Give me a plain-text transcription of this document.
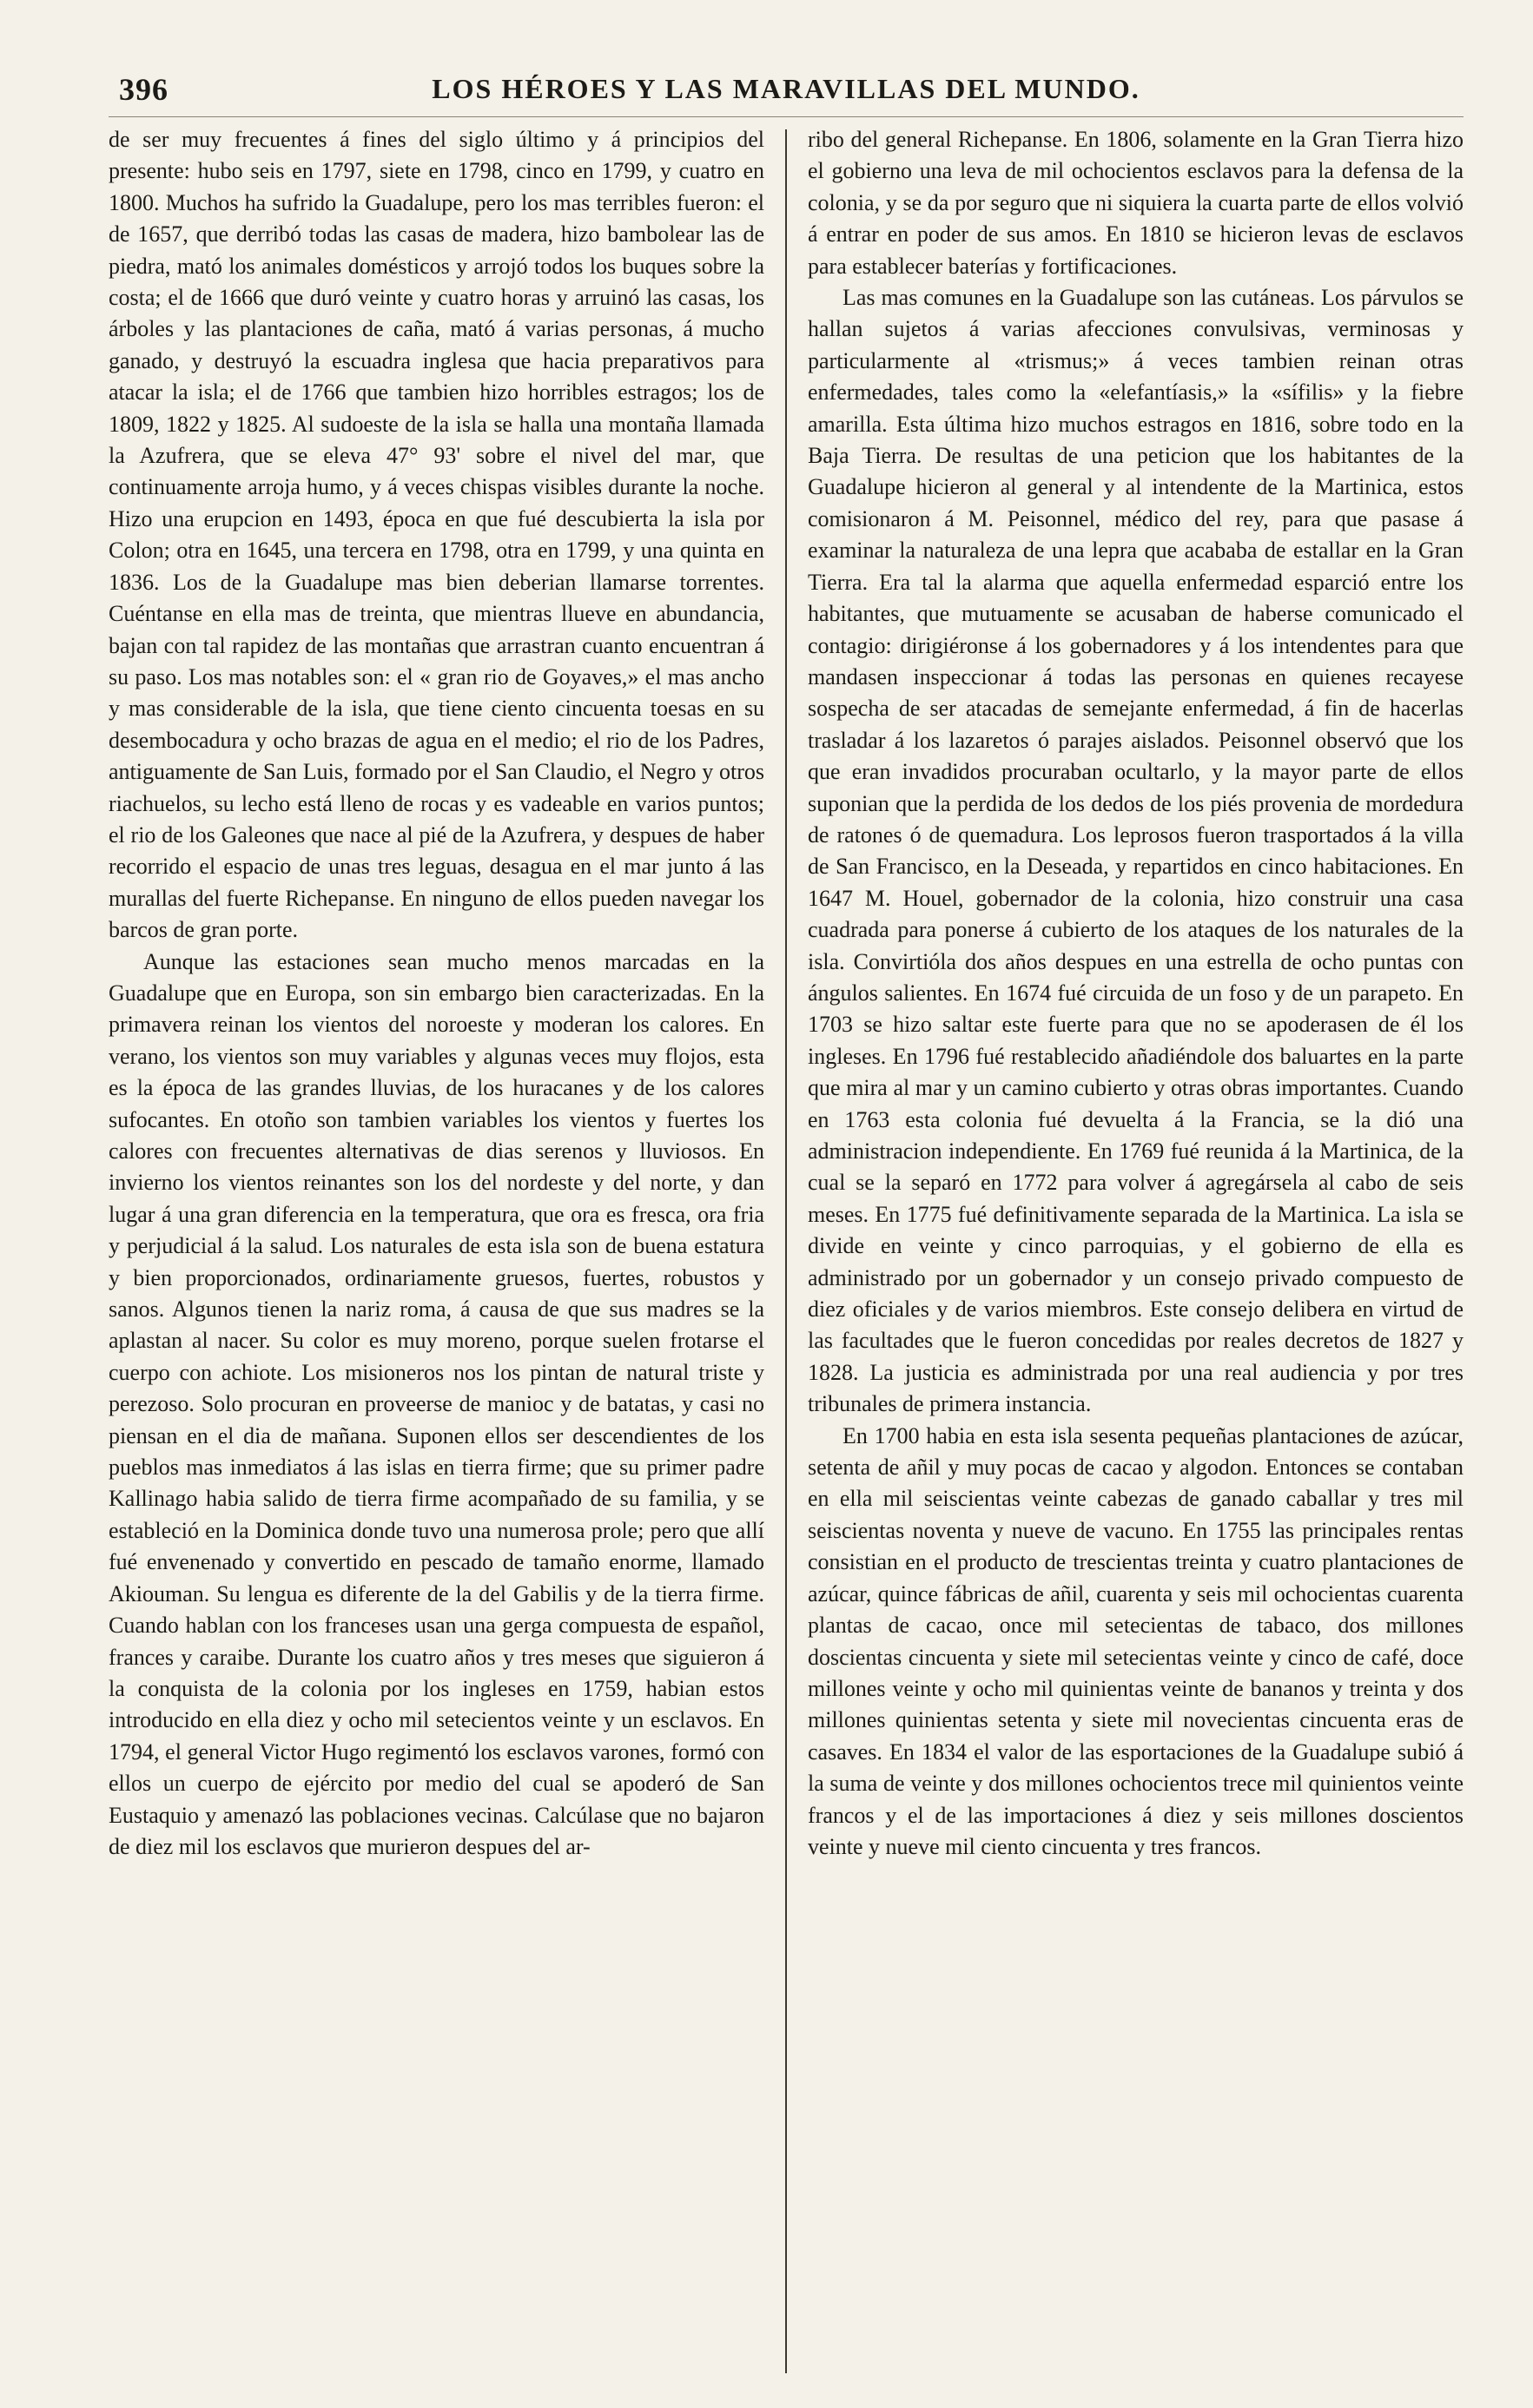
396	LOS HÉROES Y LAS MARAVILLAS DEL MUNDO.

de ser muy frecuentes á fines del siglo último y á principios del presente: hubo seis en 1797, siete en 1798, cinco en 1799, y cuatro en 1800. Muchos ha sufrido la Guadalupe, pero los mas terribles fueron: el de 1657, que derribó todas las casas de madera, hizo bambolear las de piedra, mató los animales domésticos y arrojó todos los buques sobre la costa; el de 1666 que duró veinte y cuatro horas y arruinó las casas, los árboles y las plantaciones de caña, mató á varias personas, á mucho ganado, y destruyó la escuadra inglesa que hacia preparativos para atacar la isla; el de 1766 que tambien hizo horribles estragos; los de 1809, 1822 y 1825. Al sudoeste de la isla se halla una montaña llamada la Azufrera, que se eleva 47° 93' sobre el nivel del mar, que continuamente arroja humo, y á veces chispas visibles durante la noche. Hizo una erupcion en 1493, época en que fué descubierta la isla por Colon; otra en 1645, una tercera en 1798, otra en 1799, y una quinta en 1836. Los de la Guadalupe mas bien deberian llamarse torrentes. Cuéntanse en ella mas de treinta, que mientras llueve en abundancia, bajan con tal rapidez de las montañas que arrastran cuanto encuentran á su paso. Los mas notables son: el « gran rio de Goyaves,» el mas ancho y mas considerable de la isla, que tiene ciento cincuenta toesas en su desembocadura y ocho brazas de agua en el medio; el rio de los Padres, antiguamente de San Luis, formado por el San Claudio, el Negro y otros riachuelos, su lecho está lleno de rocas y es vadeable en varios puntos; el rio de los Galeones que nace al pié de la Azufrera, y despues de haber recorrido el espacio de unas tres leguas, desagua en el mar junto á las murallas del fuerte Richepanse. En ninguno de ellos pueden navegar los barcos de gran porte.

Aunque las estaciones sean mucho menos marcadas en la Guadalupe que en Europa, son sin embargo bien caracterizadas. En la primavera reinan los vientos del noroeste y moderan los calores. En verano, los vientos son muy variables y algunas veces muy flojos, esta es la época de las grandes lluvias, de los huracanes y de los calores sufocantes. En otoño son tambien variables los vientos y fuertes los calores con frecuentes alternativas de dias serenos y lluviosos. En invierno los vientos reinantes son los del nordeste y del norte, y dan lugar á una gran diferencia en la temperatura, que ora es fresca, ora fria y perjudicial á la salud. Los naturales de esta isla son de buena estatura y bien proporcionados, ordinariamente gruesos, fuertes, robustos y sanos. Algunos tienen la nariz roma, á causa de que sus madres se la aplastan al nacer. Su color es muy moreno, porque suelen frotarse el cuerpo con achiote. Los misioneros nos los pintan de natural triste y perezoso. Solo procuran en proveerse de manioc y de batatas, y casi no piensan en el dia de mañana. Suponen ellos ser descendientes de los pueblos mas inmediatos á las islas en tierra firme; que su primer padre Kallinago habia salido de tierra firme acompañado de su familia, y se estableció en la Dominica donde tuvo una numerosa prole; pero que allí fué envenenado y convertido en pescado de tamaño enorme, llamado Akiouman. Su lengua es diferente de la del Gabilis y de la tierra firme. Cuando hablan con los franceses usan una gerga compuesta de español, frances y caraibe. Durante los cuatro años y tres meses que siguieron á la conquista de la colonia por los ingleses en 1759, habian estos introducido en ella diez y ocho mil setecientos veinte y un esclavos. En 1794, el general Victor Hugo regimentó los esclavos varones, formó con ellos un cuerpo de ejército por medio del cual se apoderó de San Eustaquio y amenazó las poblaciones vecinas. Calcúlase que no bajaron de diez mil los esclavos que murieron despues del ar-

ribo del general Richepanse. En 1806, solamente en la Gran Tierra hizo el gobierno una leva de mil ochocientos esclavos para la defensa de la colonia, y se da por seguro que ni siquiera la cuarta parte de ellos volvió á entrar en poder de sus amos. En 1810 se hicieron levas de esclavos para establecer baterías y fortificaciones.

Las mas comunes en la Guadalupe son las cutáneas. Los párvulos se hallan sujetos á varias afecciones convulsivas, verminosas y particularmente al «trismus;» á veces tambien reinan otras enfermedades, tales como la «elefantíasis,» la «sífilis» y la fiebre amarilla. Esta última hizo muchos estragos en 1816, sobre todo en la Baja Tierra. De resultas de una peticion que los habitantes de la Guadalupe hicieron al general y al intendente de la Martinica, estos comisionaron á M. Peisonnel, médico del rey, para que pasase á examinar la naturaleza de una lepra que acababa de estallar en la Gran Tierra. Era tal la alarma que aquella enfermedad esparció entre los habitantes, que mutuamente se acusaban de haberse comunicado el contagio: dirigiéronse á los gobernadores y á los intendentes para que mandasen inspeccionar á todas las personas en quienes recayese sospecha de ser atacadas de semejante enfermedad, á fin de hacerlas trasladar á los lazaretos ó parajes aislados. Peisonnel observó que los que eran invadidos procuraban ocultarlo, y la mayor parte de ellos suponian que la perdida de los dedos de los piés provenia de mordedura de ratones ó de quemadura. Los leprosos fueron trasportados á la villa de San Francisco, en la Deseada, y repartidos en cinco habitaciones. En 1647 M. Houel, gobernador de la colonia, hizo construir una casa cuadrada para ponerse á cubierto de los ataques de los naturales de la isla. Convirtióla dos años despues en una estrella de ocho puntas con ángulos salientes. En 1674 fué circuida de un foso y de un parapeto. En 1703 se hizo saltar este fuerte para que no se apoderasen de él los ingleses. En 1796 fué restablecido añadiéndole dos baluartes en la parte que mira al mar y un camino cubierto y otras obras importantes. Cuando en 1763 esta colonia fué devuelta á la Francia, se la dió una administracion independiente. En 1769 fué reunida á la Martinica, de la cual se la separó en 1772 para volver á agregársela al cabo de seis meses. En 1775 fué definitivamente separada de la Martinica. La isla se divide en veinte y cinco parroquias, y el gobierno de ella es administrado por un gobernador y un consejo privado compuesto de diez oficiales y de varios miembros. Este consejo delibera en virtud de las facultades que le fueron concedidas por reales decretos de 1827 y 1828. La justicia es administrada por una real audiencia y por tres tribunales de primera instancia.

En 1700 habia en esta isla sesenta pequeñas plantaciones de azúcar, setenta de añil y muy pocas de cacao y algodon. Entonces se contaban en ella mil seiscientas veinte cabezas de ganado caballar y tres mil seiscientas noventa y nueve de vacuno. En 1755 las principales rentas consistian en el producto de trescientas treinta y cuatro plantaciones de azúcar, quince fábricas de añil, cuarenta y seis mil ochocientas cuarenta plantas de cacao, once mil setecientas de tabaco, dos millones doscientas cincuenta y siete mil setecientas veinte y cinco de café, doce millones veinte y ocho mil quinientas veinte de bananos y treinta y dos millones quinientas setenta y siete mil novecientas cincuenta eras de casaves. En 1834 el valor de las esportaciones de la Guadalupe subió á la suma de veinte y dos millones ochocientos trece mil quinientos veinte francos y el de las importaciones á diez y seis millones doscientos veinte y nueve mil ciento cincuenta y tres francos.
